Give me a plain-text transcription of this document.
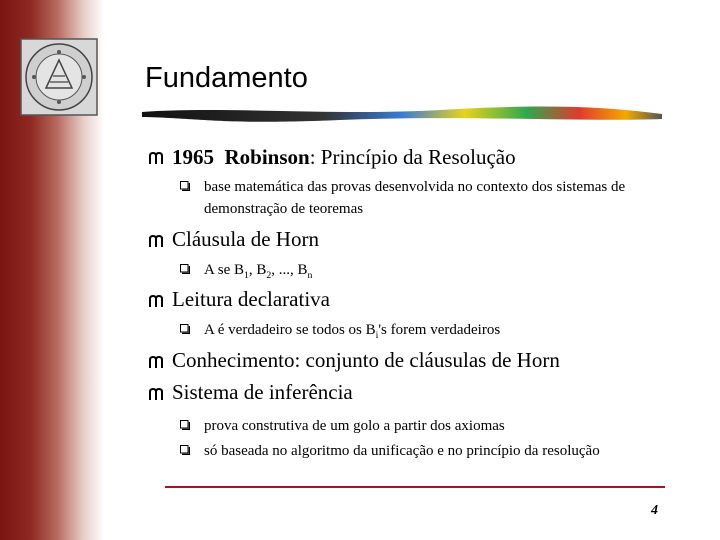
Fundamento
1965 Robinson: Princípio da Resolução
base matemática das provas desenvolvida no contexto dos sistemas de demonstração de teoremas
Cláusula de Horn
A se $B_1$, $B_2$, ..., $B_n$
Leitura declarativa
A é verdadeiro se todos os $B_i's$ forem verdadeiros
Conhecimento: conjunto de cláusulas de Horn
Sistema de inferência
prova construtiva de um golo a partir dos axiomas
só baseada no algoritmo da unificação e no princípio da resolução
4
